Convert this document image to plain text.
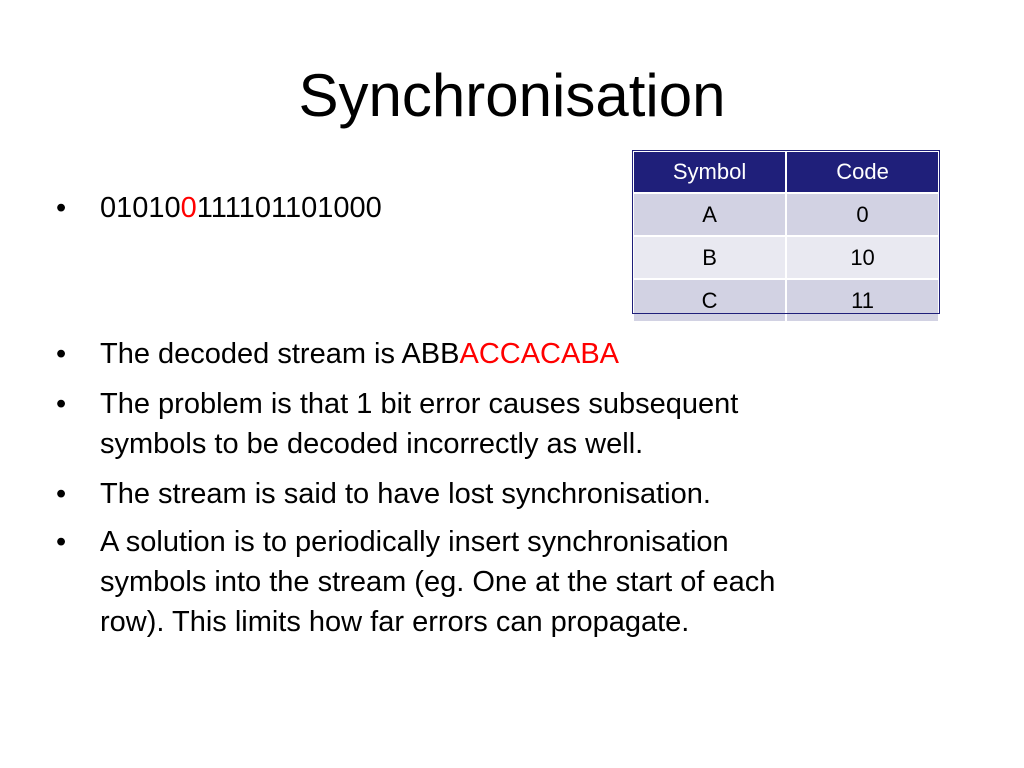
Synchronisation

• 010100111101101000

Symbol	Code
A	0
B	10
C	11

• The decoded stream is ABBACCACABA

• The problem is that 1 bit error causes subsequent
symbols to be decoded incorrectly as well.

• The stream is said to have lost synchronisation.

• A solution is to periodically insert synchronisation
symbols into the stream (eg. One at the start of each
row). This limits how far errors can propagate.
